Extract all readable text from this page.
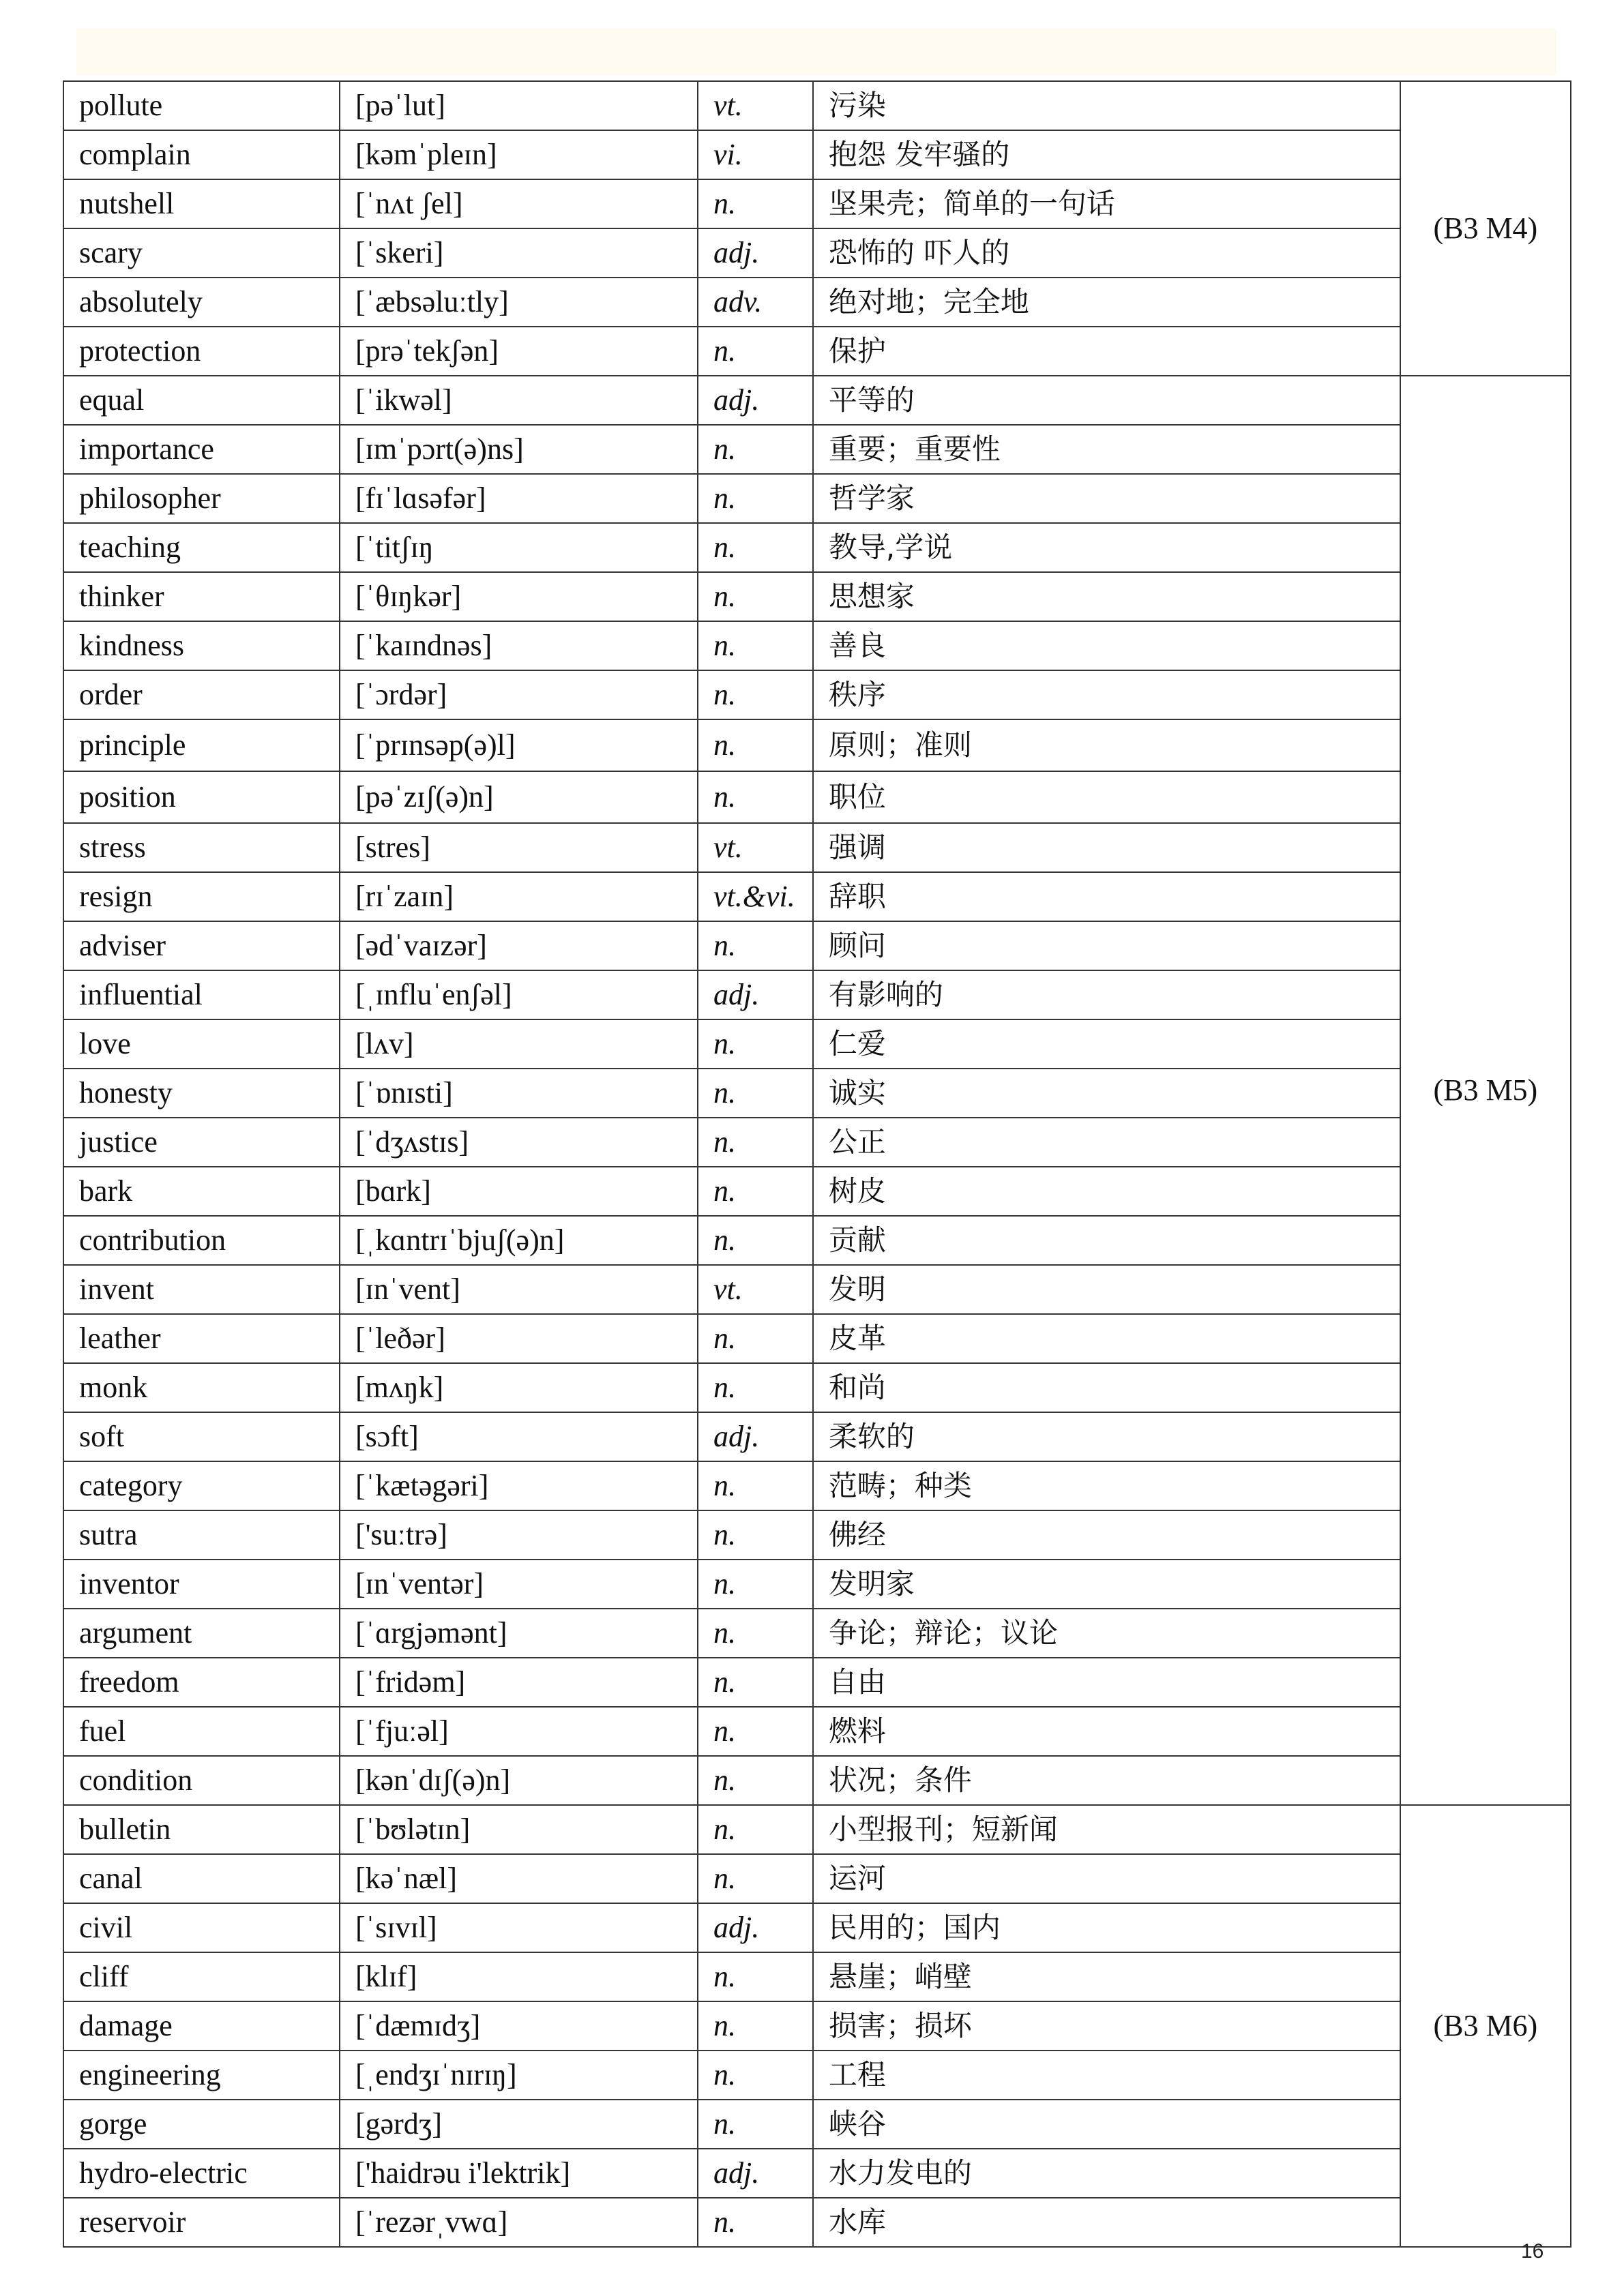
pollute	[pəˈlut]	vt.	污染	(B3 M4)
complain	[kəmˈpleɪn]	vi.	抱怨 发牢骚的	
nutshell	[ˈnʌt ʃel]	n.	坚果壳；简单的一句话	
scary	[ˈskeri]	adj.	恐怖的 吓人的	
absolutely	[ˈæbsəluːtly]	adv.	绝对地；完全地	
protection	[prəˈtekʃən]	n.	保护	
equal	[ˈikwəl]	adj.	平等的	(B3 M5)
importance	[ɪmˈpɔrt(ə)ns]	n.	重要；重要性	
philosopher	[fɪˈlɑsəfər]	n.	哲学家	
teaching	[ˈtitʃɪŋ	n.	教导,学说	
thinker	[ˈθɪŋkər]	n.	思想家	
kindness	[ˈkaɪndnəs]	n.	善良	
order	[ˈɔrdər]	n.	秩序	
principle	[ˈprɪnsəp(ə)l]	n.	原则；准则	
position	[pəˈzɪʃ(ə)n]	n.	职位	
stress	[stres]	vt.	强调	
resign	[rɪˈzaɪn]	vt.&vi.	辞职	
adviser	[ədˈvaɪzər]	n.	顾问	
influential	[ˌɪnfluˈenʃəl]	adj.	有影响的	
love	[lʌv]	n.	仁爱	
honesty	[ˈɒnɪsti]	n.	诚实	
justice	[ˈdʒʌstɪs]	n.	公正	
bark	[bɑrk]	n.	树皮	
contribution	[ˌkɑntrɪˈbjuʃ(ə)n]	n.	贡献	
invent	[ɪnˈvent]	vt.	发明	
leather	[ˈleðər]	n.	皮革	
monk	[mʌŋk]	n.	和尚	
soft	[sɔft]	adj.	柔软的	
category	[ˈkætəgəri]	n.	范畴；种类	
sutra	['suːtrə]	n.	佛经	
inventor	[ɪnˈventər]	n.	发明家	
argument	[ˈɑrgjəmənt]	n.	争论；辩论；议论	
freedom	[ˈfridəm]	n.	自由	
fuel	[ˈfjuːəl]	n.	燃料	
condition	[kənˈdɪʃ(ə)n]	n.	状况；条件	
bulletin	[ˈbʊlətɪn]	n.	小型报刊；短新闻	(B3 M6)
canal	[kəˈnæl]	n.	运河	
civil	[ˈsɪvɪl]	adj.	民用的；国内	
cliff	[klɪf]	n.	悬崖；峭壁	
damage	[ˈdæmɪdʒ]	n.	损害；损坏	
engineering	[ˌendʒɪˈnɪrɪŋ]	n.	工程	
gorge	[gərdʒ]	n.	峡谷	
hydro-electric	['haidrəu i'lektrik]	adj.	水力发电的	
reservoir	[ˈrezərˌvwɑ]	n.	水库	
16
